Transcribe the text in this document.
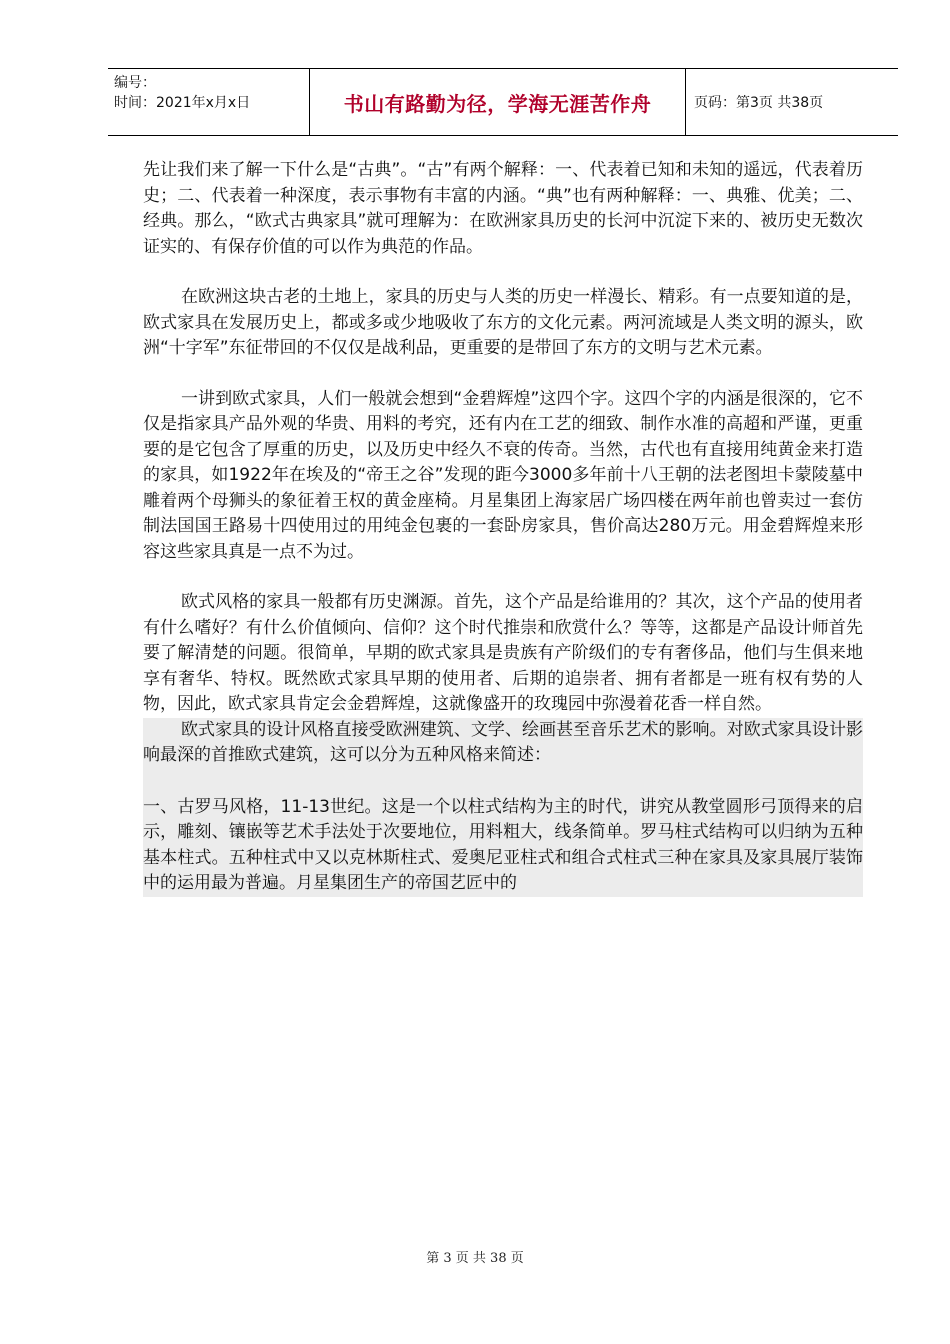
编号：
时间：2021年x月x日	书山有路勤为径，学海无涯苦作舟	页码：第3页 共38页

先让我们来了解一下什么是“古典”。“古”有两个解释：一、代表着已知和未知的遥远，代表着历史；二、代表着一种深度，表示事物有丰富的内涵。“典”也有两种解释：一、典雅、优美；二、经典。那么，“欧式古典家具”就可理解为：在欧洲家具历史的长河中沉淀下来的、被历史无数次证实的、有保存价值的可以作为典范的作品。

在欧洲这块古老的土地上，家具的历史与人类的历史一样漫长、精彩。有一点要知道的是，欧式家具在发展历史上，都或多或少地吸收了东方的文化元素。两河流域是人类文明的源头，欧洲“十字军”东征带回的不仅仅是战利品，更重要的是带回了东方的文明与艺术元素。

一讲到欧式家具，人们一般就会想到“金碧辉煌”这四个字。这四个字的内涵是很深的，它不仅是指家具产品外观的华贵、用料的考究，还有内在工艺的细致、制作水准的高超和严谨，更重要的是它包含了厚重的历史，以及历史中经久不衰的传奇。当然，古代也有直接用纯黄金来打造的家具，如1922年在埃及的“帝王之谷”发现的距今3000多年前十八王朝的法老图坦卡蒙陵墓中雕着两个母狮头的象征着王权的黄金座椅。月星集团上海家居广场四楼在两年前也曾卖过一套仿制法国国王路易十四使用过的用纯金包裹的一套卧房家具，售价高达280万元。用金碧辉煌来形容这些家具真是一点不为过。

欧式风格的家具一般都有历史渊源。首先，这个产品是给谁用的？其次，这个产品的使用者有什么嗜好？有什么价值倾向、信仰？这个时代推崇和欣赏什么？等等，这都是产品设计师首先要了解清楚的问题。很简单，早期的欧式家具是贵族有产阶级们的专有奢侈品，他们与生俱来地享有奢华、特权。既然欧式家具早期的使用者、后期的追崇者、拥有者都是一班有权有势的人物，因此，欧式家具肯定会金碧辉煌，这就像盛开的玫瑰园中弥漫着花香一样自然。

欧式家具的设计风格直接受欧洲建筑、文学、绘画甚至音乐艺术的影响。对欧式家具设计影响最深的首推欧式建筑，这可以分为五种风格来简述：

一、古罗马风格，11-13世纪。这是一个以柱式结构为主的时代，讲究从教堂圆形弓顶得来的启示，雕刻、镶嵌等艺术手法处于次要地位，用料粗大，线条简单。罗马柱式结构可以归纳为五种基本柱式。五种柱式中又以克林斯柱式、爱奥尼亚柱式和组合式柱式三种在家具及家具展厅装饰中的运用最为普遍。月星集团生产的帝国艺匠中的

第 3 页 共 38 页
